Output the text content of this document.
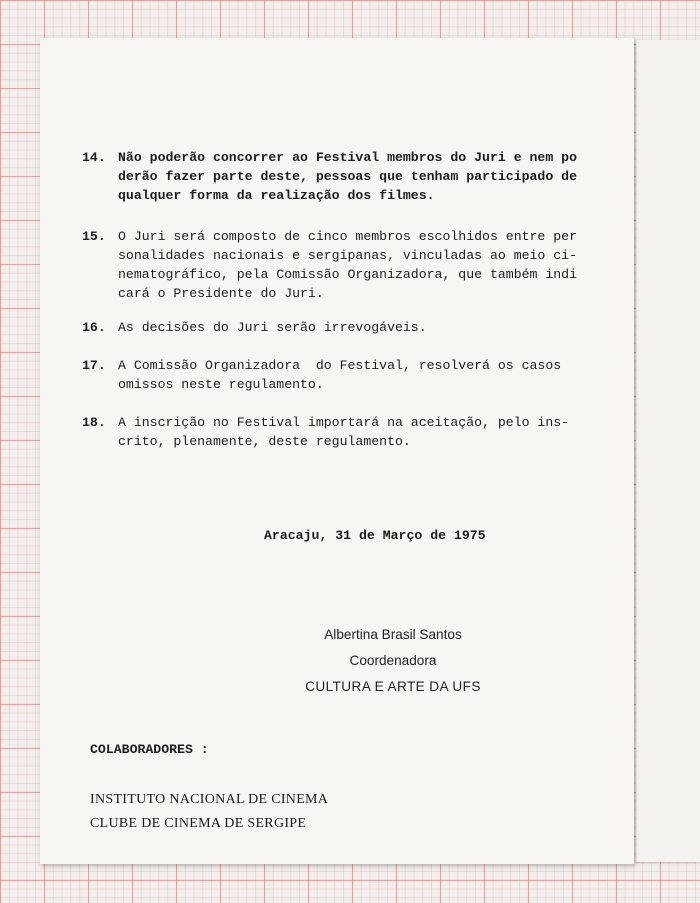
14. Não poderão concorrer ao Festival membros do Juri e nem po
derão fazer parte deste, pessoas que tenham participado de
qualquer forma da realização dos filmes.
15. O Juri será composto de cinco membros escolhidos entre per
sonalidades nacionais e sergipanas, vinculadas ao meio ci-
nematográfico, pela Comissão Organizadora, que também indi
cará o Presidente do Juri.
16. As decisões do Juri serão irrevogáveis.
17. A Comissão Organizadora  do Festival, resolverá os casos
omissos neste regulamento.
18. A inscrição no Festival importará na aceitação, pelo ins-
crito, plenamente, deste regulamento.
Aracaju, 31 de Março de 1975
Albertina Brasil Santos
Coordenadora
CULTURA E ARTE DA UFS
COLABORADORES :
INSTITUTO NACIONAL DE CINEMA
CLUBE DE CINEMA DE SERGIPE
